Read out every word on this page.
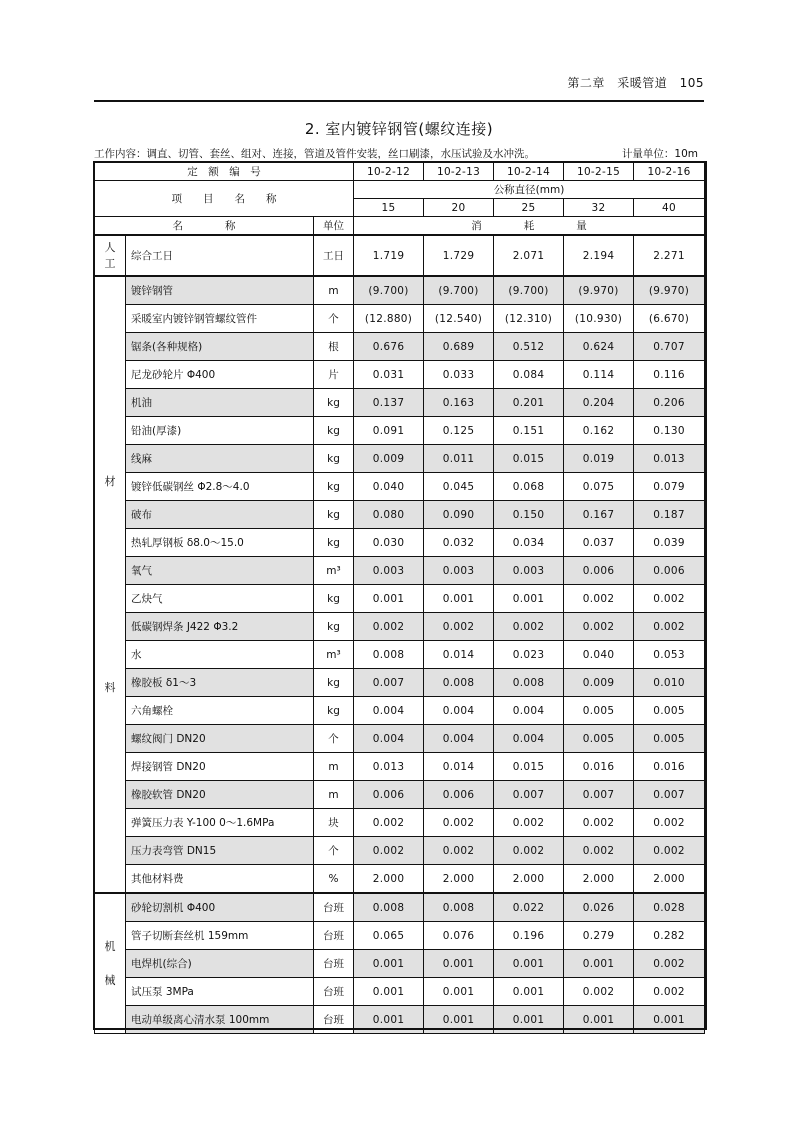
第二章 采暖管道 105
2. 室内镀锌钢管(螺纹连接)
工作内容：调直、切管、套丝、组对、连接，管道及管件安装，丝口刷漆，水压试验及水冲洗。	计量单位：10m
定　额　编　号			10-2-12	10-2-13	10-2-14	10-2-15	10-2-16
项　　目　　名　　称			公称直径(mm)				
			15	20	25	32	40
名　　　　称		单位	消　　　　耗　　　　量				

人
工	综合工日	工日	1.719	1.729	2.071	2.194	2.271

材
料	镀锌钢管	m	(9.700)	(9.700)	(9.700)	(9.970)	(9.970)
	采暖室内镀锌钢管螺纹管件	个	(12.880)	(12.540)	(12.310)	(10.930)	(6.670)
	锯条(各种规格)	根	0.676	0.689	0.512	0.624	0.707
	尼龙砂轮片 Φ400	片	0.031	0.033	0.084	0.114	0.116
	机油	kg	0.137	0.163	0.201	0.204	0.206
	铅油(厚漆)	kg	0.091	0.125	0.151	0.162	0.130
	线麻	kg	0.009	0.011	0.015	0.019	0.013
	镀锌低碳钢丝 Φ2.8～4.0	kg	0.040	0.045	0.068	0.075	0.079
	破布	kg	0.080	0.090	0.150	0.167	0.187
	热轧厚钢板 δ8.0～15.0	kg	0.030	0.032	0.034	0.037	0.039
	氧气	m³	0.003	0.003	0.003	0.006	0.006
	乙炔气	kg	0.001	0.001	0.001	0.002	0.002
	低碳钢焊条 J422 Φ3.2	kg	0.002	0.002	0.002	0.002	0.002
	水	m³	0.008	0.014	0.023	0.040	0.053
	橡胶板 δ1～3	kg	0.007	0.008	0.008	0.009	0.010
	六角螺栓	kg	0.004	0.004	0.004	0.005	0.005
	螺纹阀门 DN20	个	0.004	0.004	0.004	0.005	0.005
	焊接钢管 DN20	m	0.013	0.014	0.015	0.016	0.016
	橡胶软管 DN20	m	0.006	0.006	0.007	0.007	0.007
	弹簧压力表 Y-100 0～1.6MPa	块	0.002	0.002	0.002	0.002	0.002
	压力表弯管 DN15	个	0.002	0.002	0.002	0.002	0.002
	其他材料费	%	2.000	2.000	2.000	2.000	2.000

机
械	砂轮切割机 Φ400	台班	0.008	0.008	0.022	0.026	0.028
	管子切断套丝机 159mm	台班	0.065	0.076	0.196	0.279	0.282
	电焊机(综合)	台班	0.001	0.001	0.001	0.001	0.002
	试压泵 3MPa	台班	0.001	0.001	0.001	0.002	0.002
	电动单级离心清水泵 100mm	台班	0.001	0.001	0.001	0.001	0.001
